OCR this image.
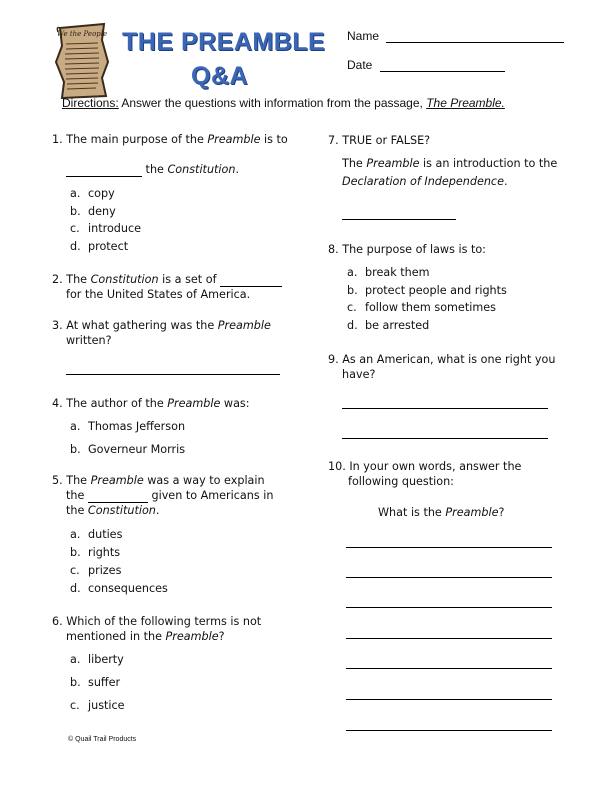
We the People THE PREAMBLE
Q&A
Name
Date
Directions: Answer the questions with information from the passage, The Preamble.
1. The main purpose of the Preamble is to
the Constitution.
a. copy
b. deny
c. introduce
d. protect
2. The Constitution is a set of
for the United States of America.
3. At what gathering was the Preamble
written?
4. The author of the Preamble was:
a. Thomas Jefferson
b. Governeur Morris
5. The Preamble was a way to explain
the	given to Americans in
the Constitution.
a. duties
b. rights
c. prizes
d. consequences
6. Which of the following terms is not
mentioned in the Preamble?
a. liberty
b. suffer
c. justice
7. TRUE or FALSE?
The Preamble is an introduction to the
Declaration of Independence.
8. The purpose of laws is to:
a. break them
b. protect people and rights
c. follow them sometimes
d. be arrested
9. As an American, what is one right you
have?
10. In your own words, answer the
following question:
What is the Preamble?
© Quail Trail Products
